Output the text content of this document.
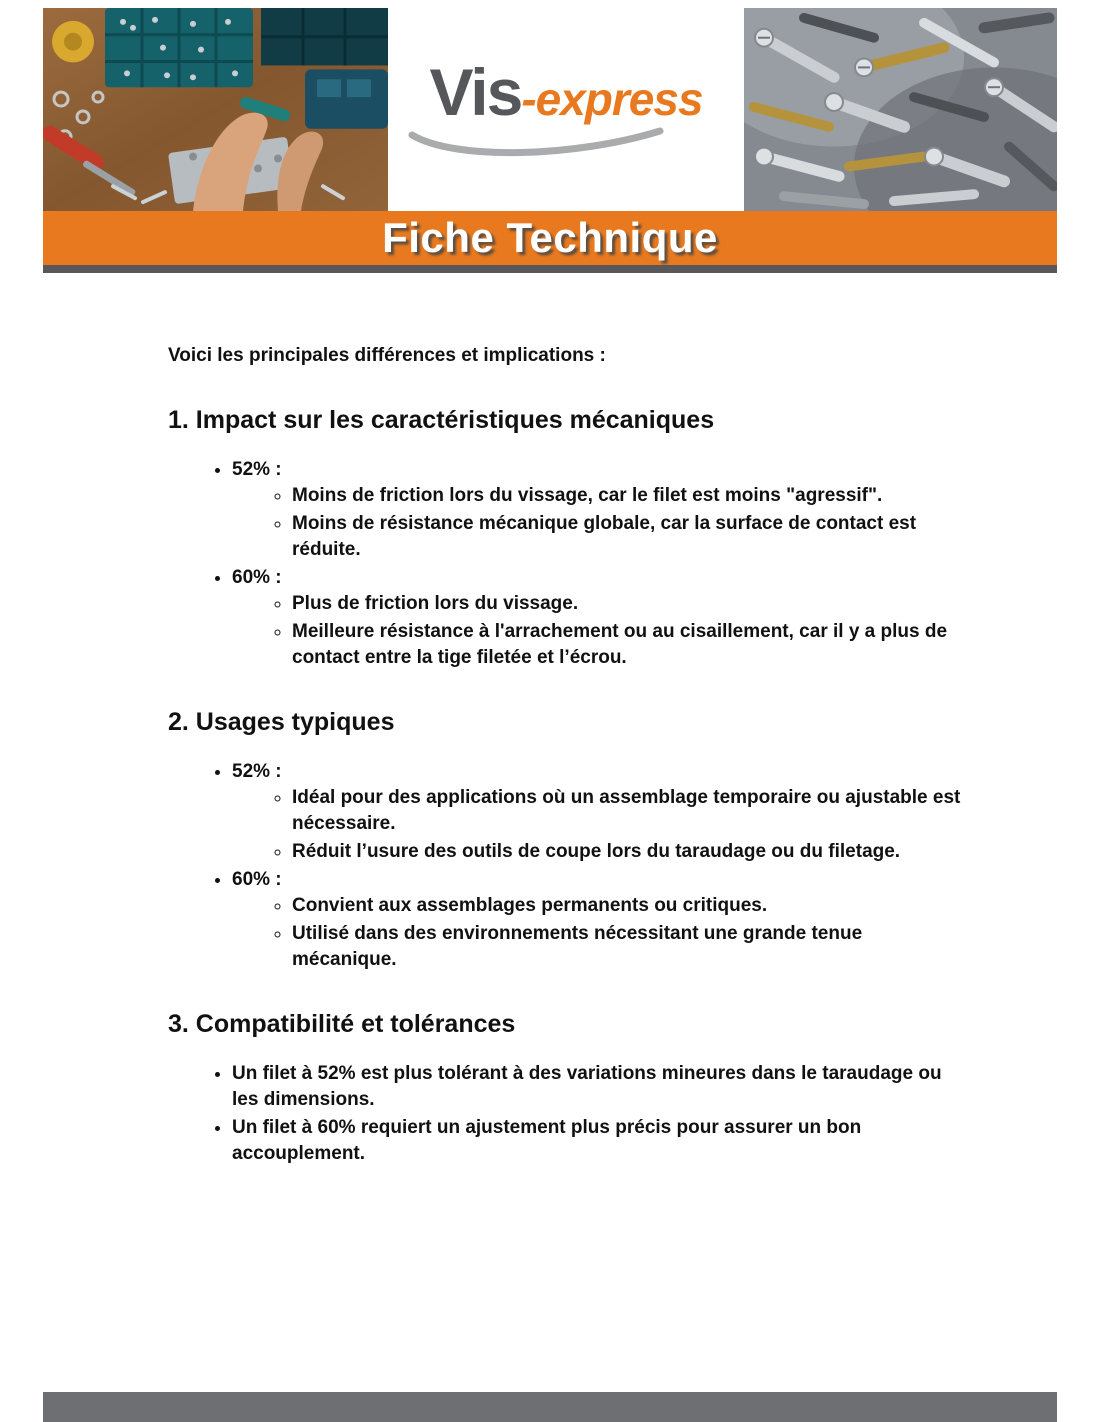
Vis-express
Fiche Technique

Voici les principales différences et implications :

1. Impact sur les caractéristiques mécaniques
• 52% :
◦ Moins de friction lors du vissage, car le filet est moins "agressif".
◦ Moins de résistance mécanique globale, car la surface de contact est réduite.
• 60% :
◦ Plus de friction lors du vissage.
◦ Meilleure résistance à l'arrachement ou au cisaillement, car il y a plus de contact entre la tige filetée et l’écrou.
2. Usages typiques
• 52% :
◦ Idéal pour des applications où un assemblage temporaire ou ajustable est nécessaire.
◦ Réduit l’usure des outils de coupe lors du taraudage ou du filetage.
• 60% :
◦ Convient aux assemblages permanents ou critiques.
◦ Utilisé dans des environnements nécessitant une grande tenue mécanique.
3. Compatibilité et tolérances
• Un filet à 52% est plus tolérant à des variations mineures dans le taraudage ou les dimensions.
• Un filet à 60% requiert un ajustement plus précis pour assurer un bon accouplement.
